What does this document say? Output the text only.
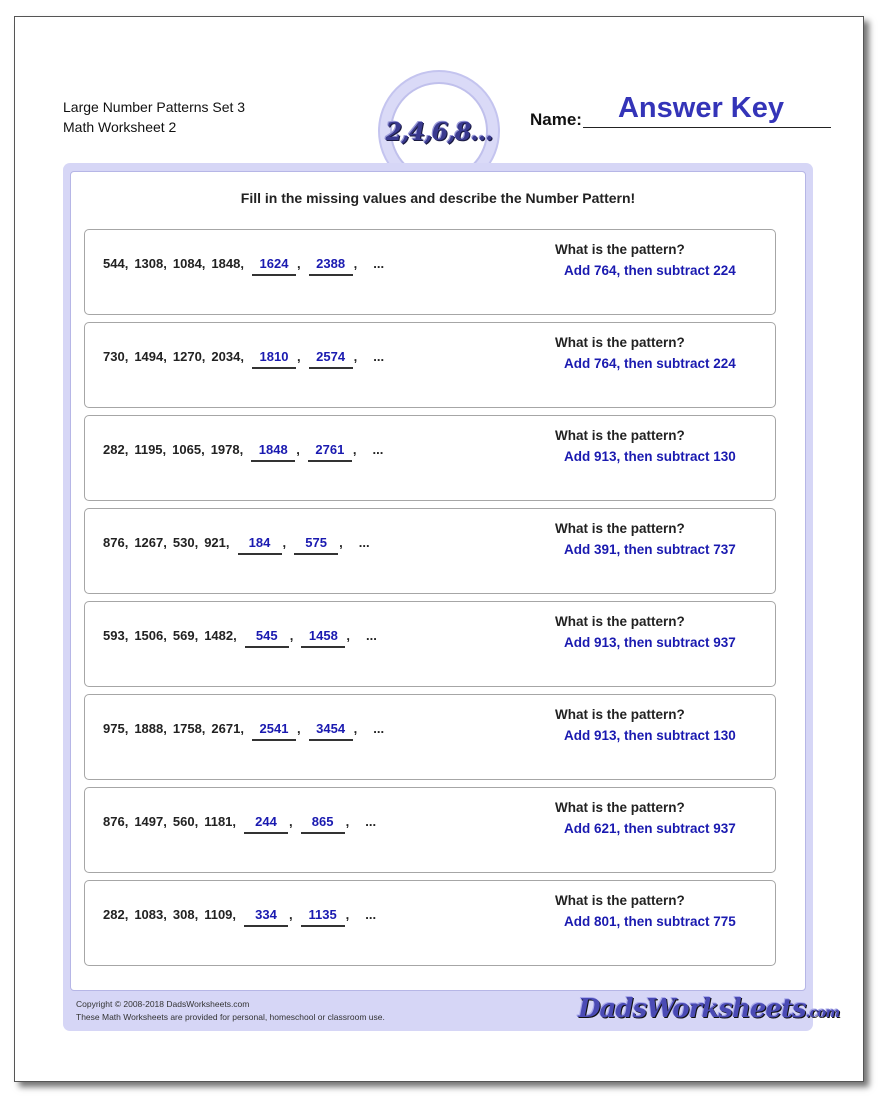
Large Number Patterns Set 3
Math Worksheet 2	2,4,6,8... Name:	Answer Key
Fill in the missing values and describe the Number Pattern!
544, 1308, 1084, 1848, 1624 , 2388 , ...
What is the pattern?
Add 764, then subtract 224
730, 1494, 1270, 2034, 1810 , 2574 , ...
What is the pattern?
Add 764, then subtract 224
282, 1195, 1065, 1978, 1848 , 2761 , ...
What is the pattern?
Add 913, then subtract 130
876, 1267, 530, 921, 184 , 575 , ...
What is the pattern?
Add 391, then subtract 737
593, 1506, 569, 1482, 545 , 1458 , ...
What is the pattern?
Add 913, then subtract 937
975, 1888, 1758, 2671, 2541 , 3454 , ...
What is the pattern?
Add 913, then subtract 130
876, 1497, 560, 1181, 244 , 865 , ...
What is the pattern?
Add 621, then subtract 937
282, 1083, 308, 1109, 334 , 1135 , ...
What is the pattern?
Add 801, then subtract 775
Copyright © 2008-2018 DadsWorksheets.com
These Math Worksheets are provided for personal, homeschool or classroom use.	DadsWorksheets.com
